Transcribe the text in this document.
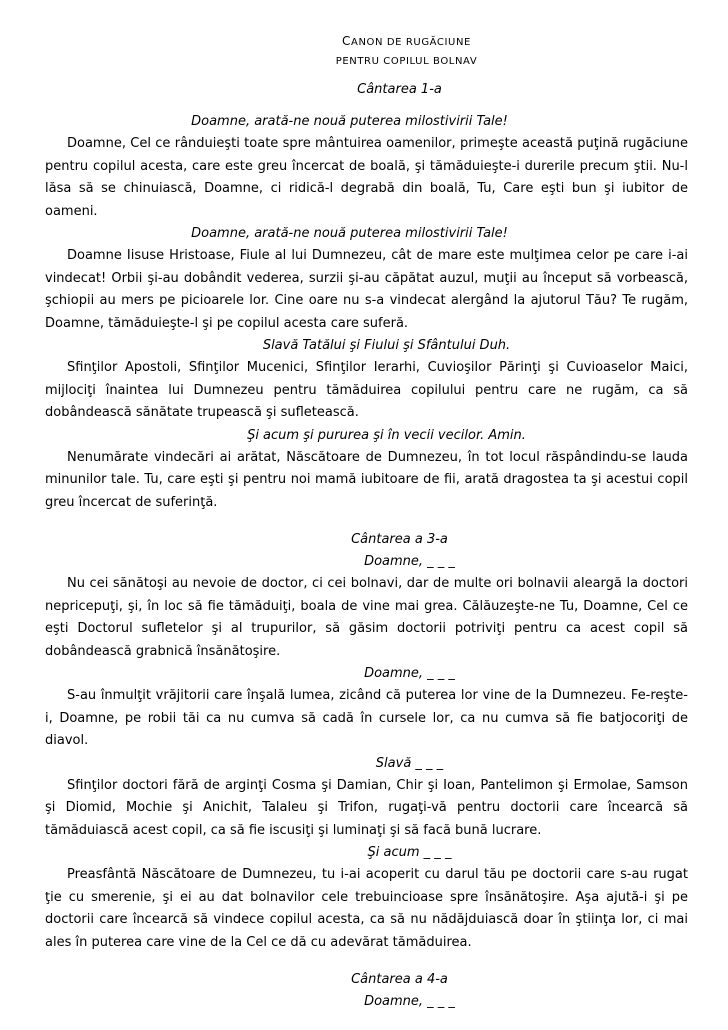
CANON DE RUGĂCIUNE
PENTRU COPILUL BOLNAV
Cântarea 1-a
Doamne, arată-ne nouă puterea milostivirii Tale!

Doamne, Cel ce rânduieşti toate spre mântuirea oamenilor, primeşte această puţină rugăciune pentru copilul acesta, care este greu încercat de boală, şi tămăduieşte-i durerile precum ştii. Nu-l lăsa să se chinuiască, Doamne, ci ridică-l degrabă din boală, Tu, Care eşti bun şi iubitor de oameni.

Doamne, arată-ne nouă puterea milostivirii Tale!

Doamne Iisuse Hristoase, Fiule al lui Dumnezeu, cât de mare este mulţimea celor pe care i-ai vindecat! Orbii şi-au dobândit vederea, surzii şi-au căpătat auzul, muţii au început să vorbească, şchiopii au mers pe picioarele lor. Cine oare nu s-a vindecat alergând la ajutorul Tău? Te rugăm, Doamne, tămăduieşte-l şi pe copilul acesta care suferă.

Slavă Tatălui şi Fiului şi Sfântului Duh.

Sfinţilor Apostoli, Sfinţilor Mucenici, Sfinţilor Ierarhi, Cuvioşilor Părinţi şi Cuvioaselor Maici, mijlociţi înaintea lui Dumnezeu pentru tămăduirea copilului pentru care ne rugăm, ca să dobândească sănătate trupească şi sufletească.

Şi acum şi pururea şi în vecii vecilor. Amin.

Nenumărate vindecări ai arătat, Născătoare de Dumnezeu, în tot locul răspândindu-se lauda minunilor tale. Tu, care eşti şi pentru noi mamă iubitoare de fii, arată dragostea ta şi acestui copil greu încercat de suferinţă.

Cântarea a 3-a
Doamne, _ _ _

Nu cei sănătoşi au nevoie de doctor, ci cei bolnavi, dar de multe ori bolnavii aleargă la doctori nepricepuţi, şi, în loc să fie tămăduiţi, boala de vine mai grea. Călăuzeşte-ne Tu, Doamne, Cel ce eşti Doctorul sufletelor şi al trupurilor, să găsim doctorii potriviţi pentru ca acest copil să dobândească grabnică însănătoşire.

Doamne, _ _ _

S-au înmulţit vrăjitorii care înşală lumea, zicând că puterea lor vine de la Dumnezeu. Fe-reşte-i, Doamne, pe robii tăi ca nu cumva să cadă în cursele lor, ca nu cumva să fie batjocoriţi de diavol.

Slavă _ _ _

Sfinţilor doctori fără de arginţi Cosma şi Damian, Chir şi Ioan, Pantelimon şi Ermolae, Samson şi Diomid, Mochie şi Anichit, Talaleu şi Trifon, rugaţi-vă pentru doctorii care încearcă să tămăduiască acest copil, ca să fie iscusiţi şi luminaţi şi să facă bună lucrare.

Şi acum _ _ _

Preasfântă Născătoare de Dumnezeu, tu i-ai acoperit cu darul tău pe doctorii care s-au rugat ţie cu smerenie, şi ei au dat bolnavilor cele trebuincioase spre însănătoşire. Aşa ajută-i şi pe doctorii care încearcă să vindece copilul acesta, ca să nu nădăjduiască doar în ştiinţa lor, ci mai ales în puterea care vine de la Cel ce dă cu adevărat tămăduirea.

Cântarea a 4-a
Doamne, _ _ _
